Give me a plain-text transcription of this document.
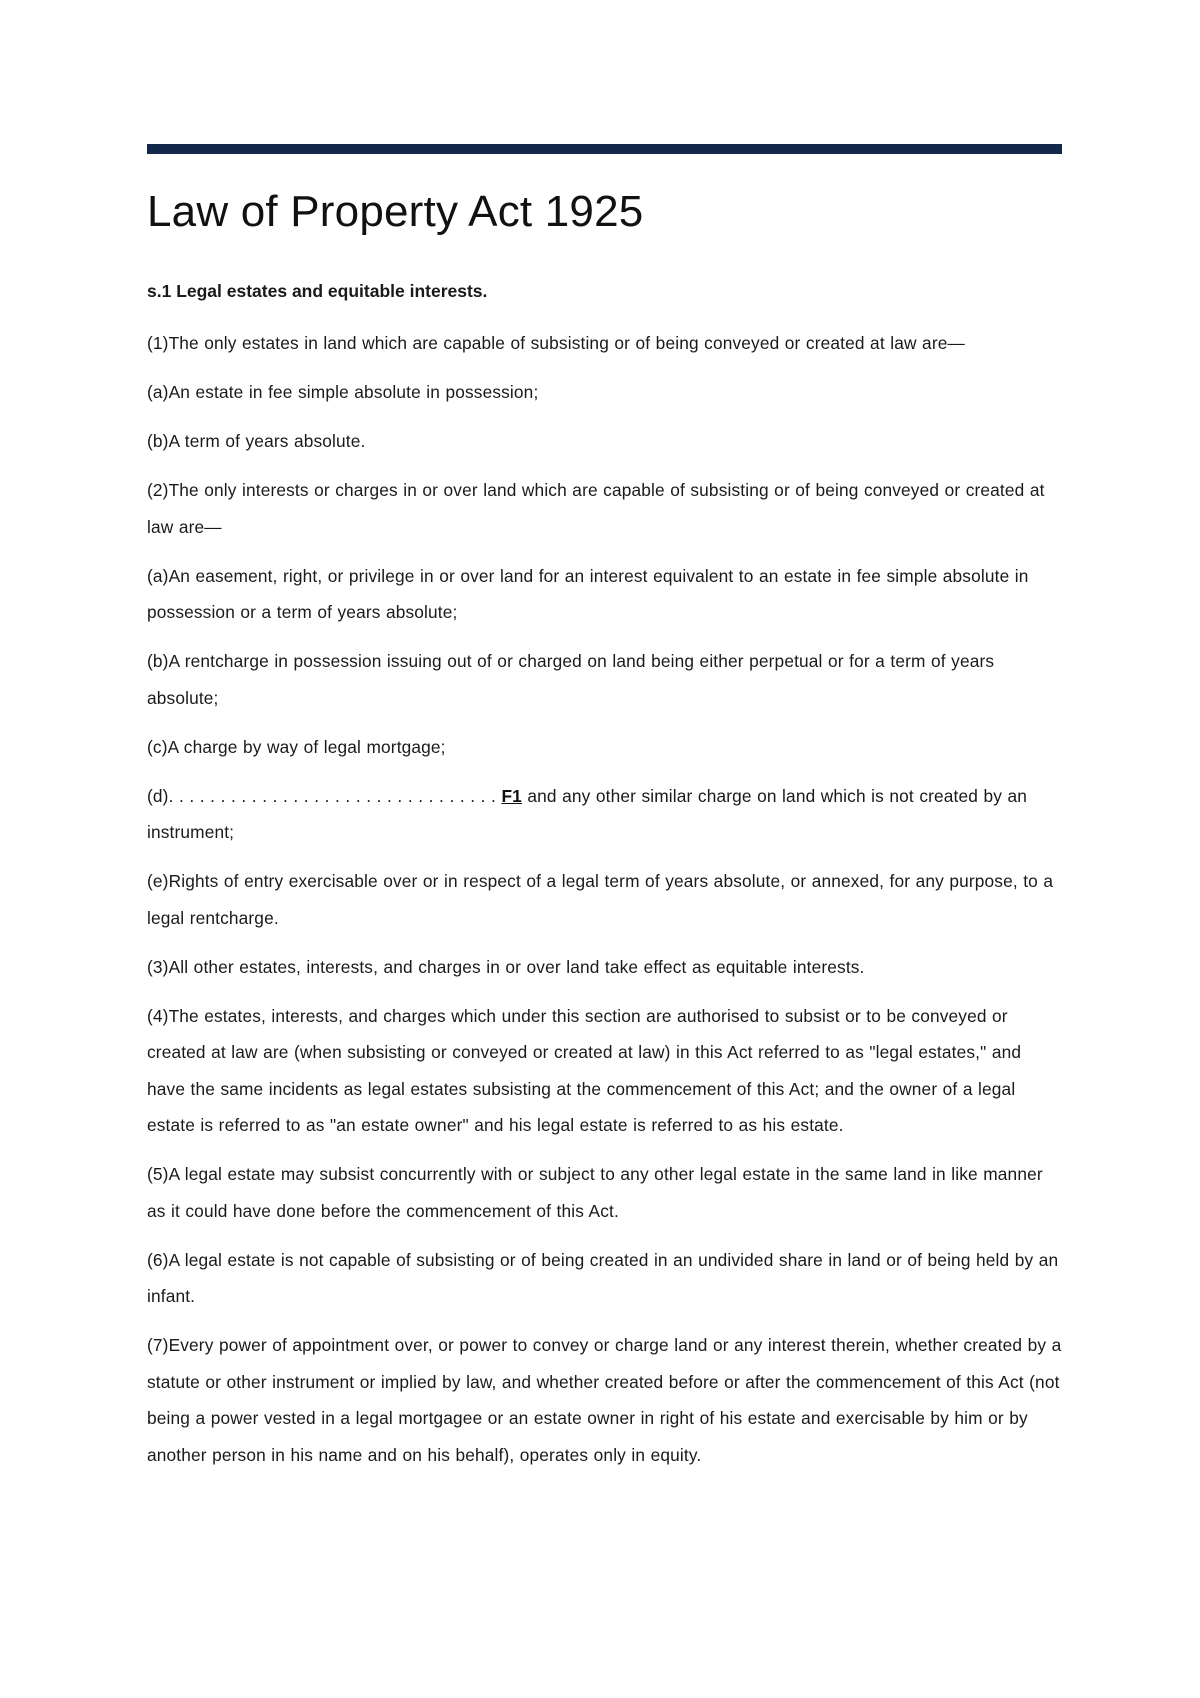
Law of Property Act 1925
s.1 Legal estates and equitable interests.

(1)The only estates in land which are capable of subsisting or of being conveyed or created at law are—

(a)An estate in fee simple absolute in possession;

(b)A term of years absolute.

(2)The only interests or charges in or over land which are capable of subsisting or of being conveyed or created at law are—

(a)An easement, right, or privilege in or over land for an interest equivalent to an estate in fee simple absolute in possession or a term of years absolute;

(b)A rentcharge in possession issuing out of or charged on land being either perpetual or for a term of years absolute;

(c)A charge by way of legal mortgage;

(d). . . . . . . . . . . . . . . . . . . . . . . . . . . . . . . . F1 and any other similar charge on land which is not created by an instrument;

(e)Rights of entry exercisable over or in respect of a legal term of years absolute, or annexed, for any purpose, to a legal rentcharge.

(3)All other estates, interests, and charges in or over land take effect as equitable interests.

(4)The estates, interests, and charges which under this section are authorised to subsist or to be conveyed or created at law are (when subsisting or conveyed or created at law) in this Act referred to as "legal estates," and have the same incidents as legal estates subsisting at the commencement of this Act; and the owner of a legal estate is referred to as "an estate owner" and his legal estate is referred to as his estate.

(5)A legal estate may subsist concurrently with or subject to any other legal estate in the same land in like manner as it could have done before the commencement of this Act.

(6)A legal estate is not capable of subsisting or of being created in an undivided share in land or of being held by an infant.

(7)Every power of appointment over, or power to convey or charge land or any interest therein, whether created by a statute or other instrument or implied by law, and whether created before or after the commencement of this Act (not being a power vested in a legal mortgagee or an estate owner in right of his estate and exercisable by him or by another person in his name and on his behalf), operates only in equity.
